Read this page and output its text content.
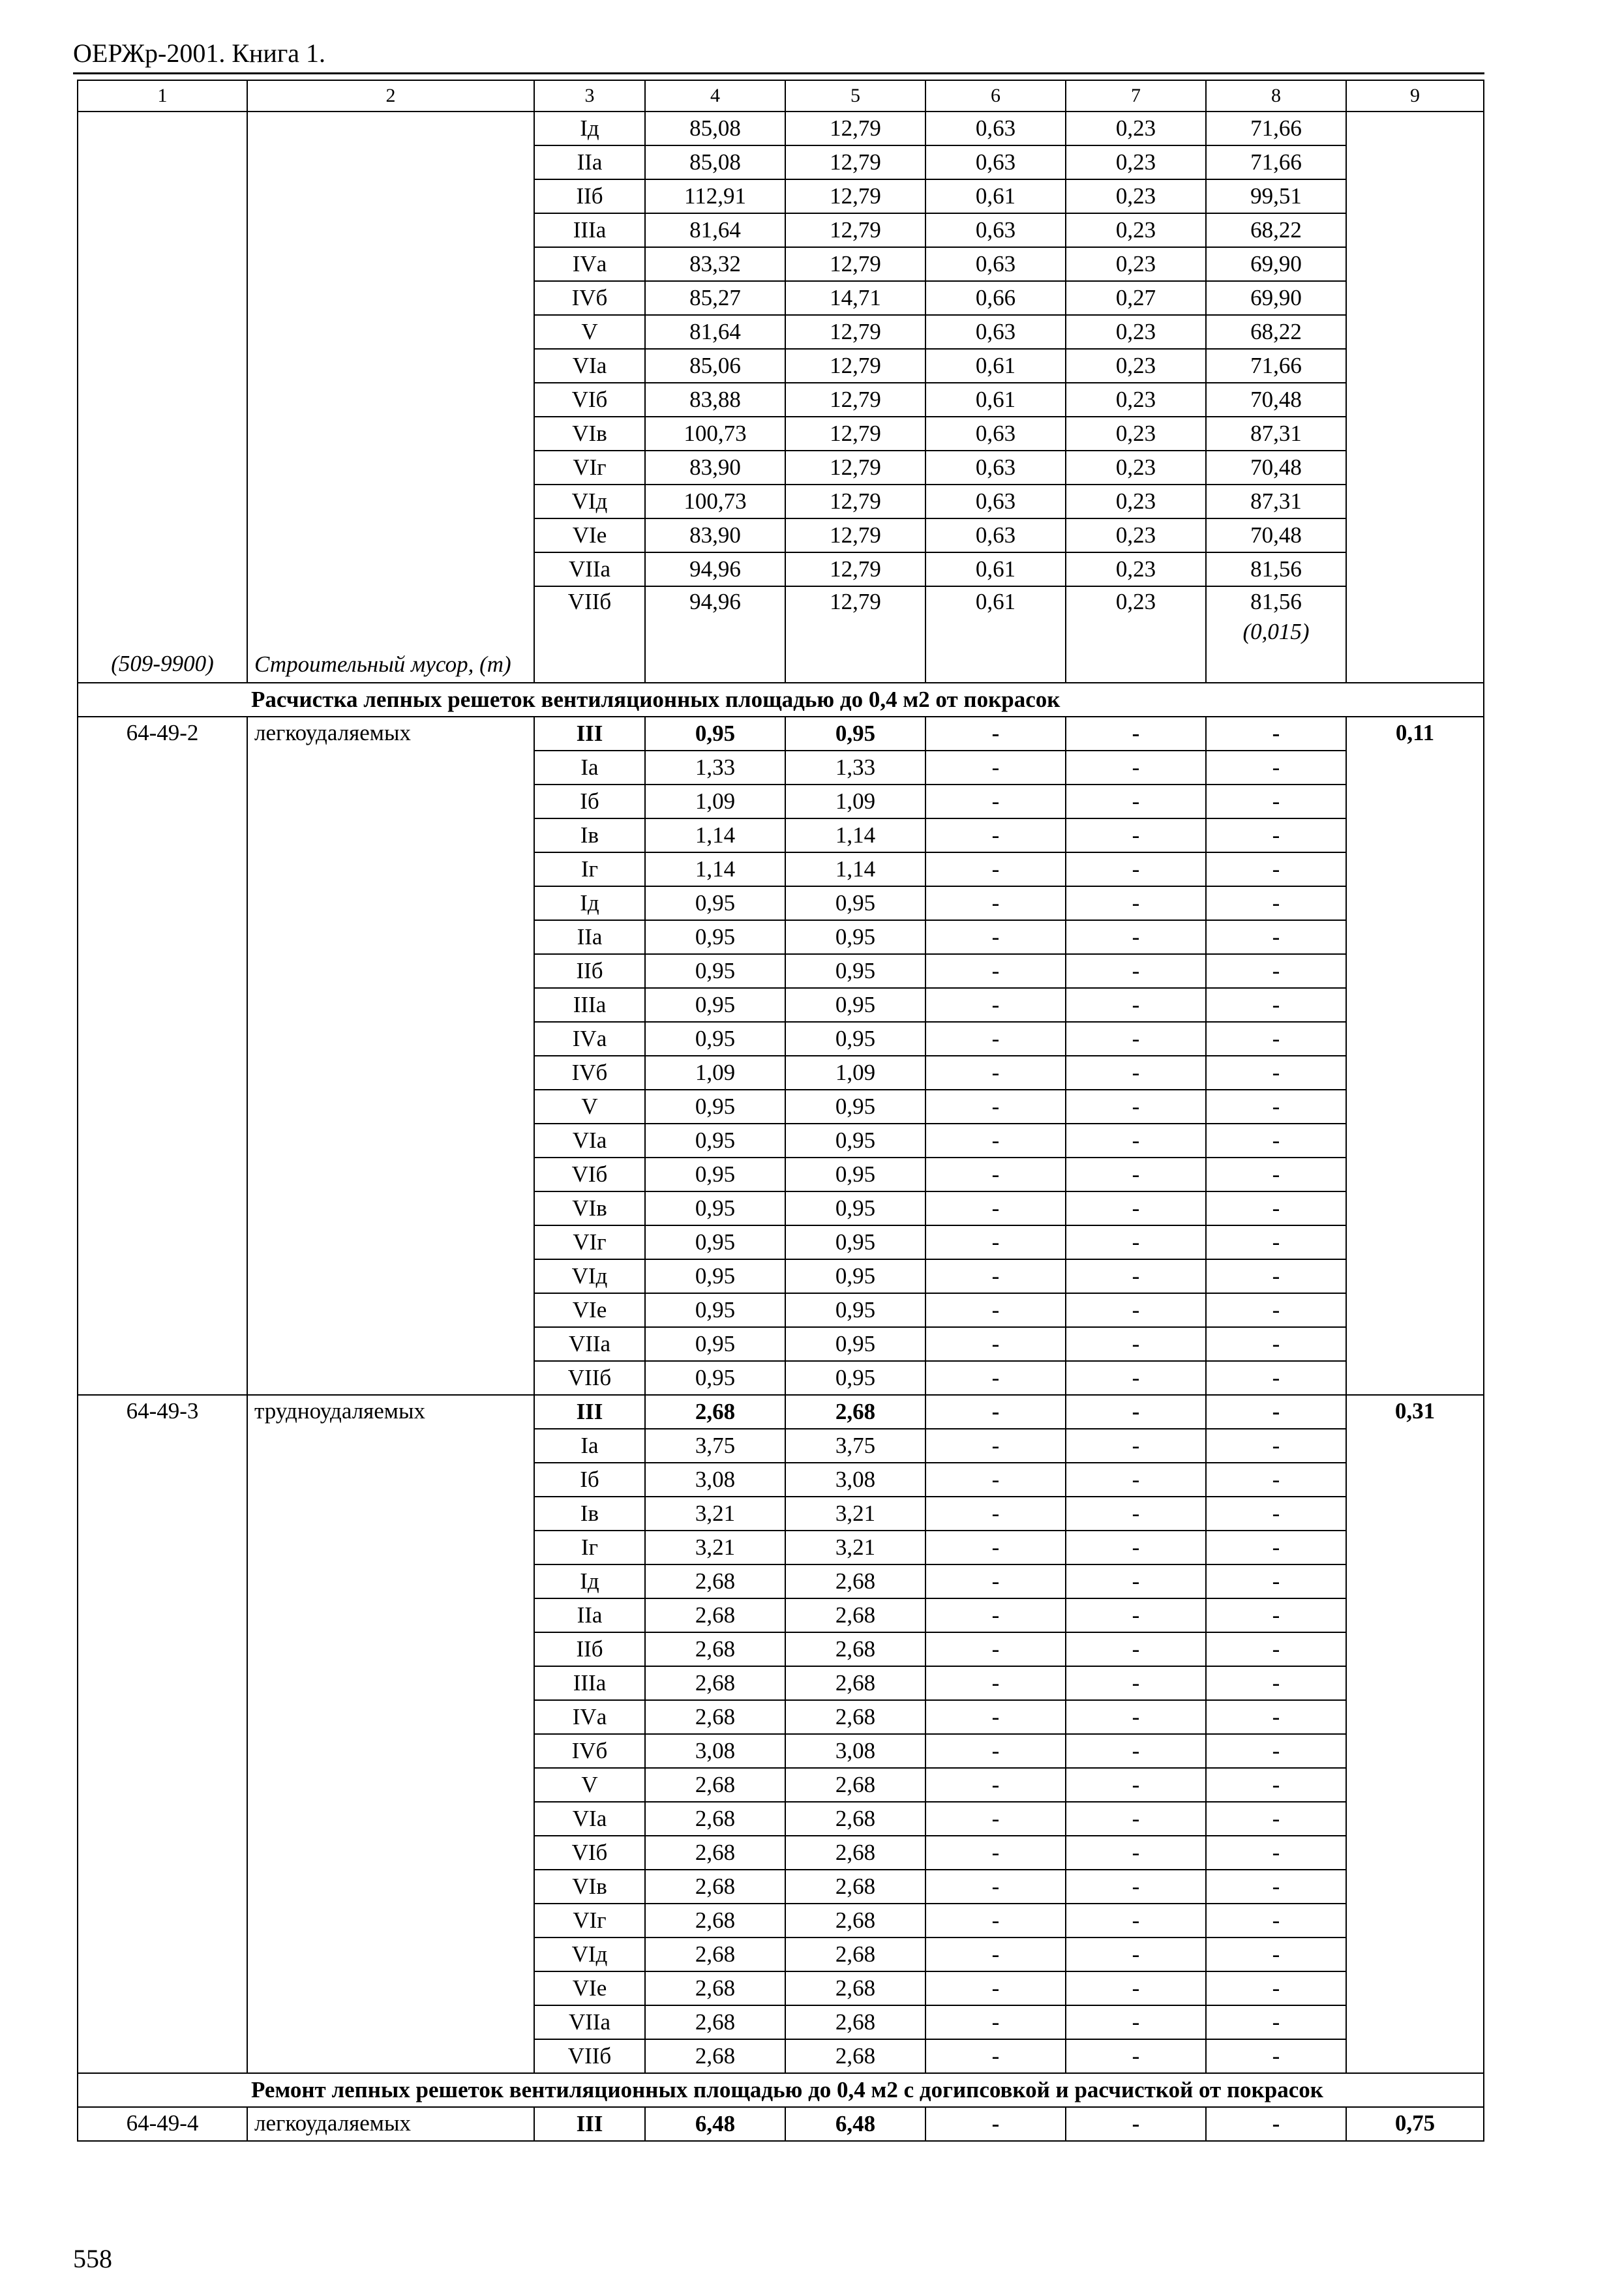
ОЕРЖр-2001. Книга 1.
1	2	3	4	5	6	7	8	9
(509-9900)	Строительный мусор, (т)	Iд	85,08	12,79	0,63	0,23	71,66	
		IIа	85,08	12,79	0,63	0,23	71,66	
		IIб	112,91	12,79	0,61	0,23	99,51	
		IIIа	81,64	12,79	0,63	0,23	68,22	
		IVа	83,32	12,79	0,63	0,23	69,90	
		IVб	85,27	14,71	0,66	0,27	69,90	
		V	81,64	12,79	0,63	0,23	68,22	
		VIа	85,06	12,79	0,61	0,23	71,66	
		VIб	83,88	12,79	0,61	0,23	70,48	
		VIв	100,73	12,79	0,63	0,23	87,31	
		VIг	83,90	12,79	0,63	0,23	70,48	
		VIд	100,73	12,79	0,63	0,23	87,31	
		VIе	83,90	12,79	0,63	0,23	70,48	
		VIIа	94,96	12,79	0,61	0,23	81,56	

		VIIб	94,96	12,79	0,61	0,23	81,56
(0,015)	

Расчистка лепных решеток вентиляционных площадью до 0,4 м2 от покрасок								
64-49-2	легкоудаляемых	III	0,95	0,95	-	-	-	0,11
		Iа	1,33	1,33	-	-	-	
		Iб	1,09	1,09	-	-	-	
		Iв	1,14	1,14	-	-	-	
		Iг	1,14	1,14	-	-	-	
		Iд	0,95	0,95	-	-	-	
		IIа	0,95	0,95	-	-	-	
		IIб	0,95	0,95	-	-	-	
		IIIа	0,95	0,95	-	-	-	
		IVа	0,95	0,95	-	-	-	
		IVб	1,09	1,09	-	-	-	
		V	0,95	0,95	-	-	-	
		VIа	0,95	0,95	-	-	-	
		VIб	0,95	0,95	-	-	-	
		VIв	0,95	0,95	-	-	-	
		VIг	0,95	0,95	-	-	-	
		VIд	0,95	0,95	-	-	-	
		VIе	0,95	0,95	-	-	-	
		VIIа	0,95	0,95	-	-	-	
		VIIб	0,95	0,95	-	-	-	
64-49-3	трудноудаляемых	III	2,68	2,68	-	-	-	0,31
		Iа	3,75	3,75	-	-	-	
		Iб	3,08	3,08	-	-	-	
		Iв	3,21	3,21	-	-	-	
		Iг	3,21	3,21	-	-	-	
		Iд	2,68	2,68	-	-	-	
		IIа	2,68	2,68	-	-	-	
		IIб	2,68	2,68	-	-	-	
		IIIа	2,68	2,68	-	-	-	
		IVа	2,68	2,68	-	-	-	
		IVб	3,08	3,08	-	-	-	
		V	2,68	2,68	-	-	-	
		VIа	2,68	2,68	-	-	-	
		VIб	2,68	2,68	-	-	-	
		VIв	2,68	2,68	-	-	-	
		VIг	2,68	2,68	-	-	-	
		VIд	2,68	2,68	-	-	-	
		VIе	2,68	2,68	-	-	-	
		VIIа	2,68	2,68	-	-	-	
		VIIб	2,68	2,68	-	-	-	
Ремонт лепных решеток вентиляционных площадью до 0,4 м2 с догипсовкой и расчисткой от покрасок								
64-49-4	легкоудаляемых	III	6,48	6,48	-	-	-	0,75
558
